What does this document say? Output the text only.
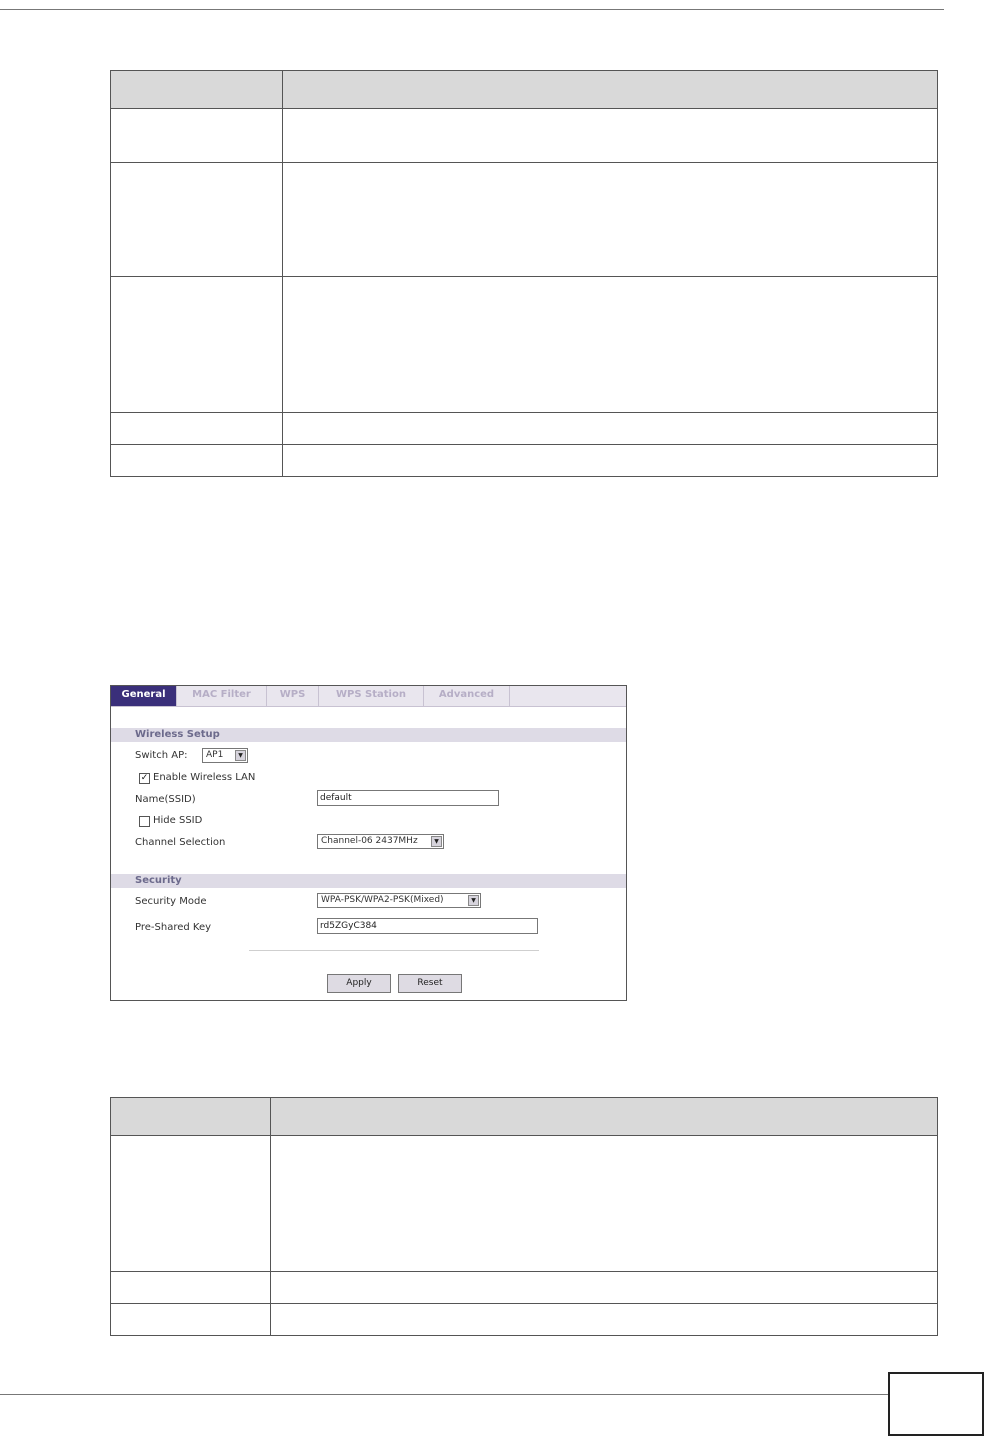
General	MAC Filter	WPS	WPS Station	Advanced
Wireless Setup
Switch AP:	AP1	▼
✓ Enable Wireless LAN
Name(SSID)	default
Hide SSID
Channel Selection	Channel-06 2437MHz	▼
Security
Security Mode	WPA-PSK/WPA2-PSK(Mixed)	▼
Pre-Shared Key	rd5ZGyC384
Apply	Reset
